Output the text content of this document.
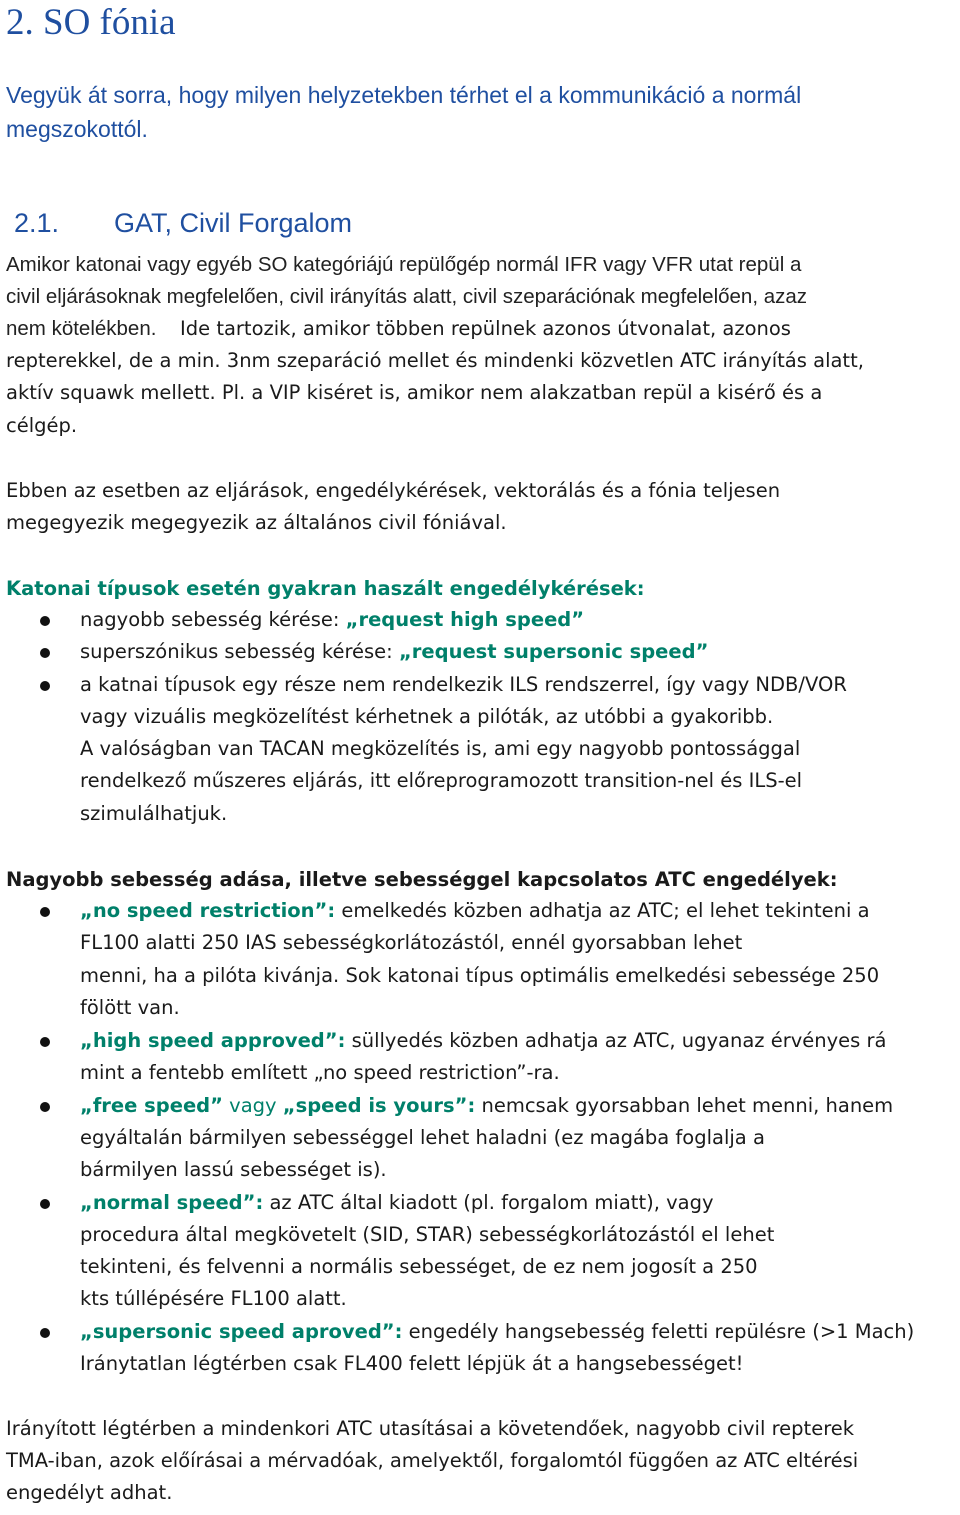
2. SO fónia
Vegyük át sorra, hogy milyen helyzetekben térhet el a kommunikáció a normál
megszokottól.
2.1. GAT, Civil Forgalom
Amikor katonai vagy egyéb SO kategóriájú repülőgép normál IFR vagy VFR utat repül a
civil eljárásoknak megfelelően, civil irányítás alatt, civil szeparációnak megfelelően, azaz
nem kötelékben. Ide tartozik, amikor többen repülnek azonos útvonalat, azonos
repterekkel, de a min. 3nm szeparáció mellet és mindenki közvetlen ATC irányítás alatt,
aktív squawk mellett. Pl. a VIP kiséret is, amikor nem alakzatban repül a kisérő és a
célgép.
Ebben az esetben az eljárások, engedélykérések, vektorálás és a fónia teljesen
megegyezik megegyezik az általános civil fóniával.
Katonai típusok esetén gyakran haszált engedélykérések:
nagyobb sebesség kérése: „request high speed”
superszónikus sebesség kérése: „request supersonic speed”
a katnai típusok egy része nem rendelkezik ILS rendszerrel, így vagy NDB/VOR
vagy vizuális megközelítést kérhetnek a pilóták, az utóbbi a gyakoribb.
A valóságban van TACAN megközelítés is, ami egy nagyobb pontossággal
rendelkező műszeres eljárás, itt előreprogramozott transition-nel és ILS-el
szimulálhatjuk.
Nagyobb sebesség adása, illetve sebességgel kapcsolatos ATC engedélyek:
„no speed restriction”: emelkedés közben adhatja az ATC; el lehet tekinteni a
FL100 alatti 250 IAS sebességkorlátozástól, ennél gyorsabban lehet
menni, ha a pilóta kivánja. Sok katonai típus optimális emelkedési sebessége 250
fölött van.
„high speed approved”: süllyedés közben adhatja az ATC, ugyanaz érvényes rá
mint a fentebb említett „no speed restriction”-ra.
„free speed” vagy „speed is yours”: nemcsak gyorsabban lehet menni, hanem
egyáltalán bármilyen sebességgel lehet haladni (ez magába foglalja a
bármilyen lassú sebességet is).
„normal speed”: az ATC által kiadott (pl. forgalom miatt), vagy
procedura által megkövetelt (SID, STAR) sebességkorlátozástól el lehet
tekinteni, és felvenni a normális sebességet, de ez nem jogosít a 250
kts túllépésére FL100 alatt.
„supersonic speed aproved”: engedély hangsebesség feletti repülésre (>1 Mach)
Iránytatlan légtérben csak FL400 felett lépjük át a hangsebességet!
Irányított légtérben a mindenkori ATC utasításai a követendőek, nagyobb civil repterek
TMA-iban, azok előírásai a mérvadóak, amelyektől, forgalomtól függően az ATC eltérési
engedélyt adhat.
